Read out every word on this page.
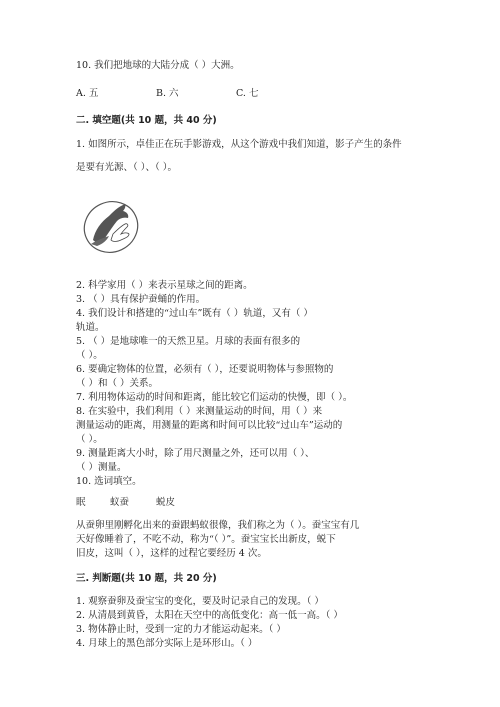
10. 我们把地球的大陆分成（ ）大洲。
A. 五	B. 六	C. 七
二. 填空题(共 10 题，共 40 分)
1. 如图所示，卓佳正在玩手影游戏，从这个游戏中我们知道，影子产生的条件
是要有光源、（ ）、（ ）。
2. 科学家用（ ）来表示星球之间的距离。
3. （ ）具有保护蚕蛹的作用。
4. 我们设计和搭建的“过山车”既有（ ）轨道，又有（ ）
轨道。
5. （ ）是地球唯一的天然卫星。月球的表面有很多的
（ ）。
6. 要确定物体的位置，必须有（ ），还要说明物体与参照物的
（ ）和（ ）关系。
7. 利用物体运动的时间和距离，能比较它们运动的快慢，即（ ）。
8. 在实验中，我们利用（ ）来测量运动的时间，用（ ）来
测量运动的距离，用测量的距离和时间可以比较“过山车”运动的
（ ）。
9. 测量距离大小时，除了用尺测量之外，还可以用（ ）、
（ ）测量。
10. 选词填空。
眠	蚁蚕	蜕皮
从蚕卵里刚孵化出来的蚕跟蚂蚁很像，我们称之为（ ）。蚕宝宝有几
天好像睡着了，不吃不动，称为“（ ）”。蚕宝宝长出新皮，蜕下
旧皮，这叫（ ），这样的过程它要经历 4 次。
三. 判断题(共 10 题，共 20 分)
1. 观察蚕卵及蚕宝宝的变化，要及时记录自己的发现。（ ）
2. 从清晨到黄昏，太阳在天空中的高低变化：高一低一高。（ ）
3. 物体静止时，受到一定的力才能运动起来。（ ）
4. 月球上的黑色部分实际上是环形山。（ ）
